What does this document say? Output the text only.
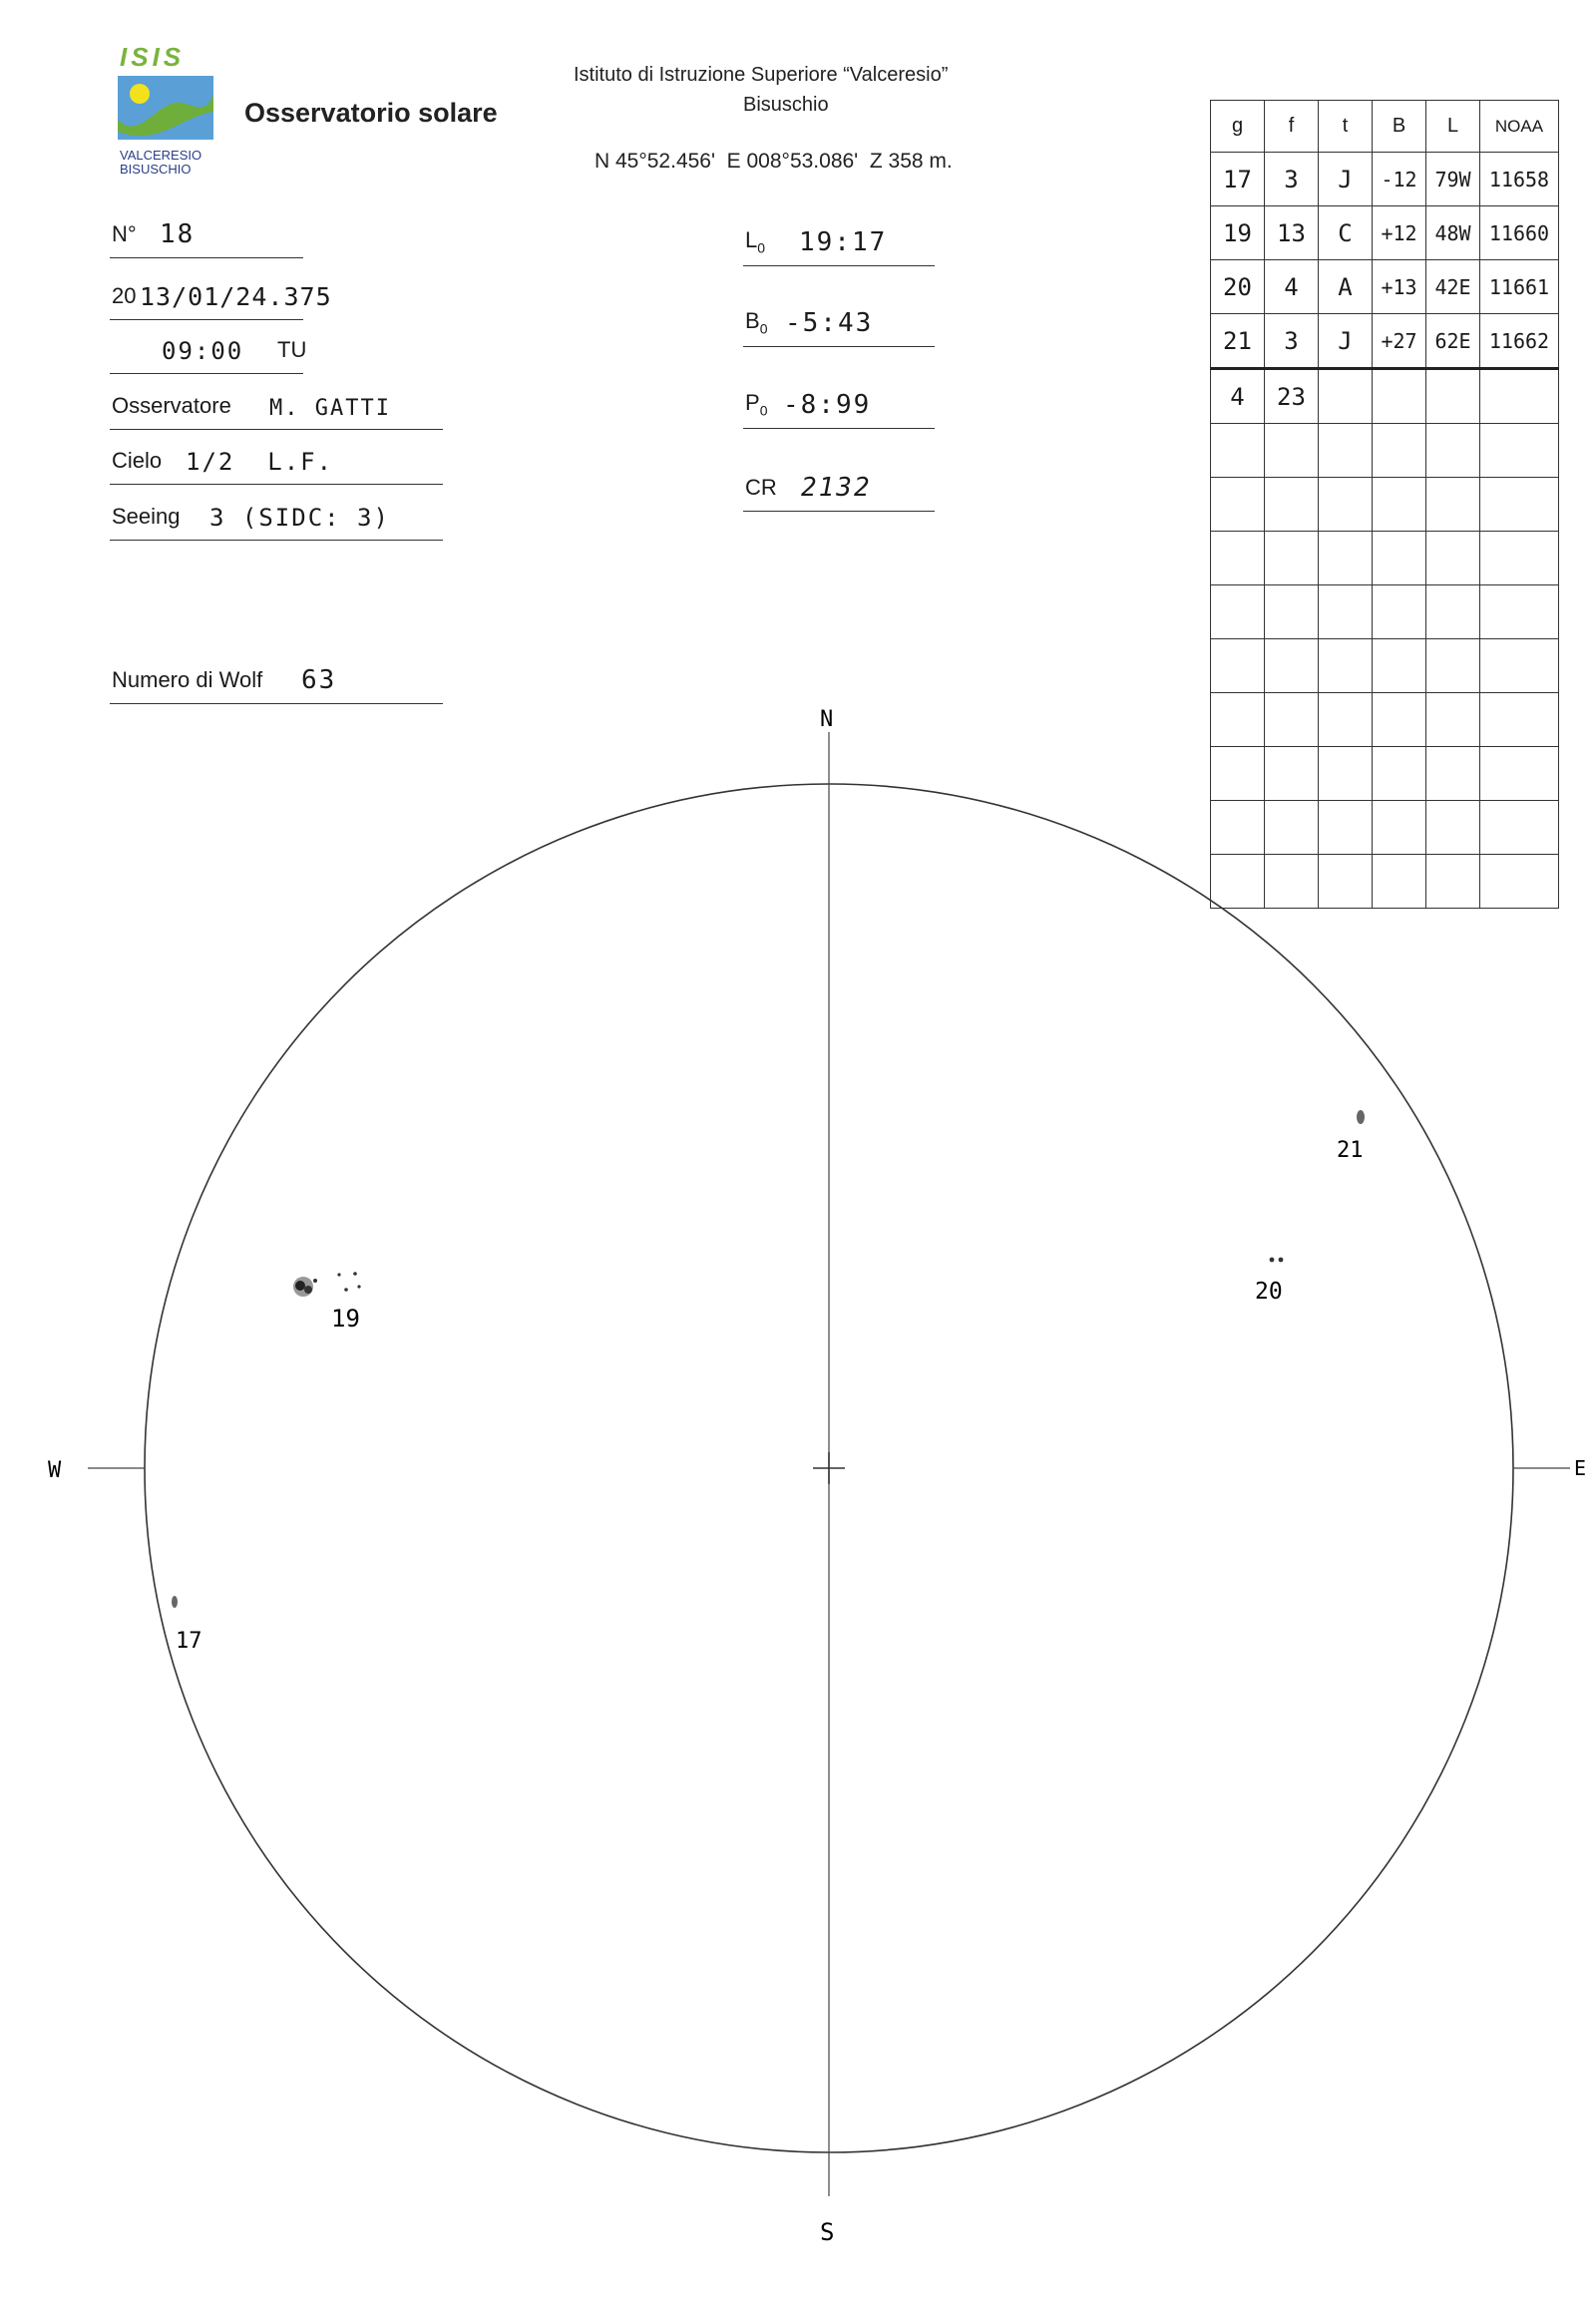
ISIS
VALCERESIO
BISUSCHIO
Osservatorio solare
Istituto di Istruzione Superiore “Valceresio”
Bisuschio
N 45°52.456'  E 008°53.086'  Z 358 m.
N° 18
20 13/01/24.375
09:00 TU
Osservatore M. GATTI
Cielo 1/2  L.F.
Seeing 3 (SIDC: 3)
Numero di Wolf 63
$L_0$ 19:17
$B_0$ -5:43
$P_0$ -8:99
CR 2132
g	f	t	B	L	NOAA
17	3	J	-12	79W	11658
19	13	C	+12	48W	11660
20	4	A	+13	42E	11661
21	3	J	+27	62E	11662
4	23				

N
S
W	E
17
19
20
21
